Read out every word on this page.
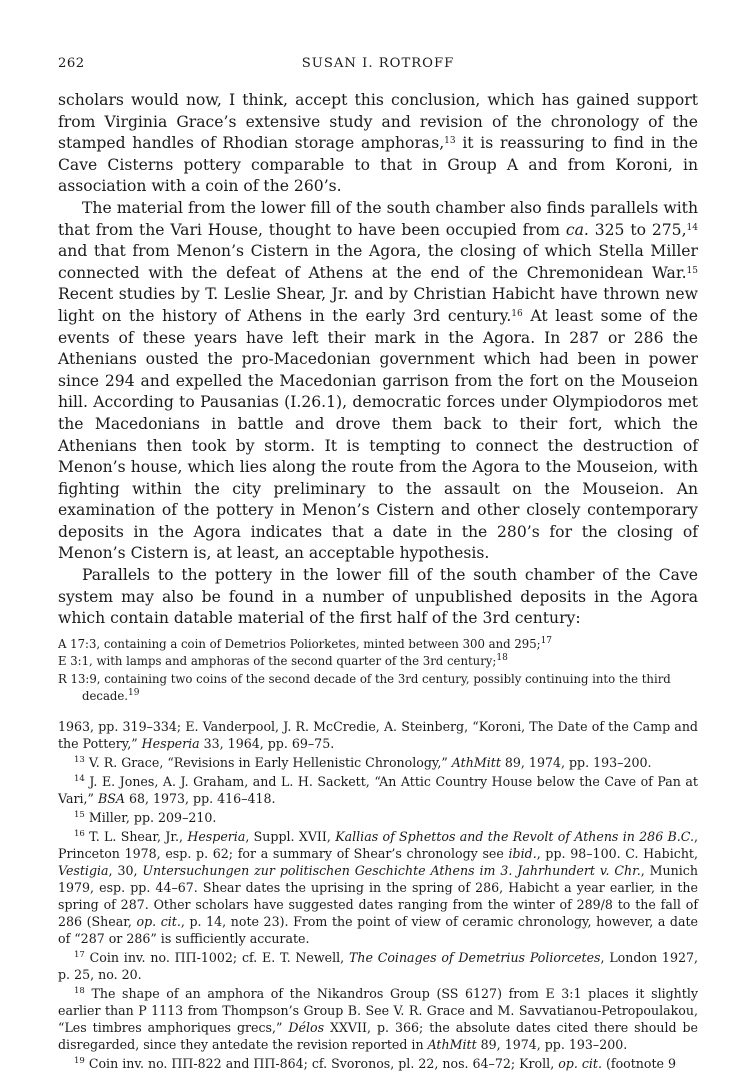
262	SUSAN I. ROTROFF

scholars would now, I think, accept this conclusion, which has gained support from Virginia Grace’s extensive study and revision of the chronology of the stamped handles of Rhodian storage amphoras,$^{13}$ it is reassuring to find in the Cave Cisterns pottery comparable to that in Group A and from Koroni, in association with a coin of the 260’s.

The material from the lower fill of the south chamber also finds parallels with that from the Vari House, thought to have been occupied from ca. 325 to 275,14 and that from Menon’s Cistern in the Agora, the closing of which Stella Miller connected with the defeat of Athens at the end of the Chremonidean War.$^{15}$ Recent studies by T. Leslie Shear, Jr. and by Christian Habicht have thrown new light on the history of Athens in the early 3rd century.$^{16}$ At least some of the events of these years have left their mark in the Agora. In 287 or 286 the Athenians ousted the pro-Macedonian government which had been in power since 294 and expelled the Macedonian garrison from the fort on the Mouseion hill. According to Pausanias (I.26.1), democratic forces under Olympiodoros met the Macedonians in battle and drove them back to their fort, which the Athenians then took by storm. It is tempting to connect the destruction of Menon’s house, which lies along the route from the Agora to the Mouseion, with fighting within the city preliminary to the assault on the Mouseion. An examination of the pottery in Menon’s Cistern and other closely contemporary deposits in the Agora indicates that a date in the 280’s for the closing of Menon’s Cistern is, at least, an acceptable hypothesis.

Parallels to the pottery in the lower fill of the south chamber of the Cave system may also be found in a number of unpublished deposits in the Agora which contain datable material of the first half of the 3rd century:

A 17:3, containing a coin of Demetrios Poliorketes, minted between 300 and 295;$^{17}$
E 3:1, with lamps and amphoras of the second quarter of the 3rd century;$^{18}$
R 13:9, containing two coins of the second decade of the 3rd century, possibly continuing into the third decade.$^{19}$
1963, pp. 319–334; E. Vanderpool, J. R. McCredie, A. Steinberg, “Koroni, The Date of the Camp and the Pottery,” Hesperia 33, 1964, pp. 69–75.
$^{13}$ V. R. Grace, “Revisions in Early Hellenistic Chronology,” AthMitt 89, 1974, pp. 193–200.
$^{14}$ J. E. Jones, A. J. Graham, and L. H. Sackett, “An Attic Country House below the Cave of Pan at Vari,” BSA 68, 1973, pp. 416–418.
$^{15}$ Miller, pp. 209–210.
$^{16}$ T. L. Shear, Jr., Hesperia, Suppl. XVII, Kallias of Sphettos and the Revolt of Athens in 286 B.C., Princeton 1978, esp. p. 62; for a summary of Shear’s chronology see ibid., pp. 98–100. C. Habicht, Vestigia, 30, Untersuchungen zur politischen Geschichte Athens im 3. Jahrhundert v. Chr., Munich 1979, esp. pp. 44–67. Shear dates the uprising in the spring of 286, Habicht a year earlier, in the spring of 287. Other scholars have suggested dates ranging from the winter of 289/8 to the fall of 286 (Shear, op. cit., p. 14, note 23). From the point of view of ceramic chronology, however, a date of “287 or 286” is sufficiently accurate.
$^{17}$ Coin inv. no. ΠΠ-1002; cf. E. T. Newell, The Coinages of Demetrius Poliorcetes, London 1927, p. 25, no. 20.
$^{18}$ The shape of an amphora of the Nikandros Group (SS 6127) from E 3:1 places it slightly earlier than P 1113 from Thompson’s Group B. See V. R. Grace and M. Savvatianou-Petropoulakou, “Les timbres amphoriques grecs,” Délos XXVII, p. 366; the absolute dates cited there should be disregarded, since they antedate the revision reported in AthMitt 89, 1974, pp. 193–200.
$^{19}$ Coin inv. no. ΠΠ-822 and ΠΠ-864; cf. Svoronos, pl. 22, nos. 64–72; Kroll, op. cit. (footnote 9
